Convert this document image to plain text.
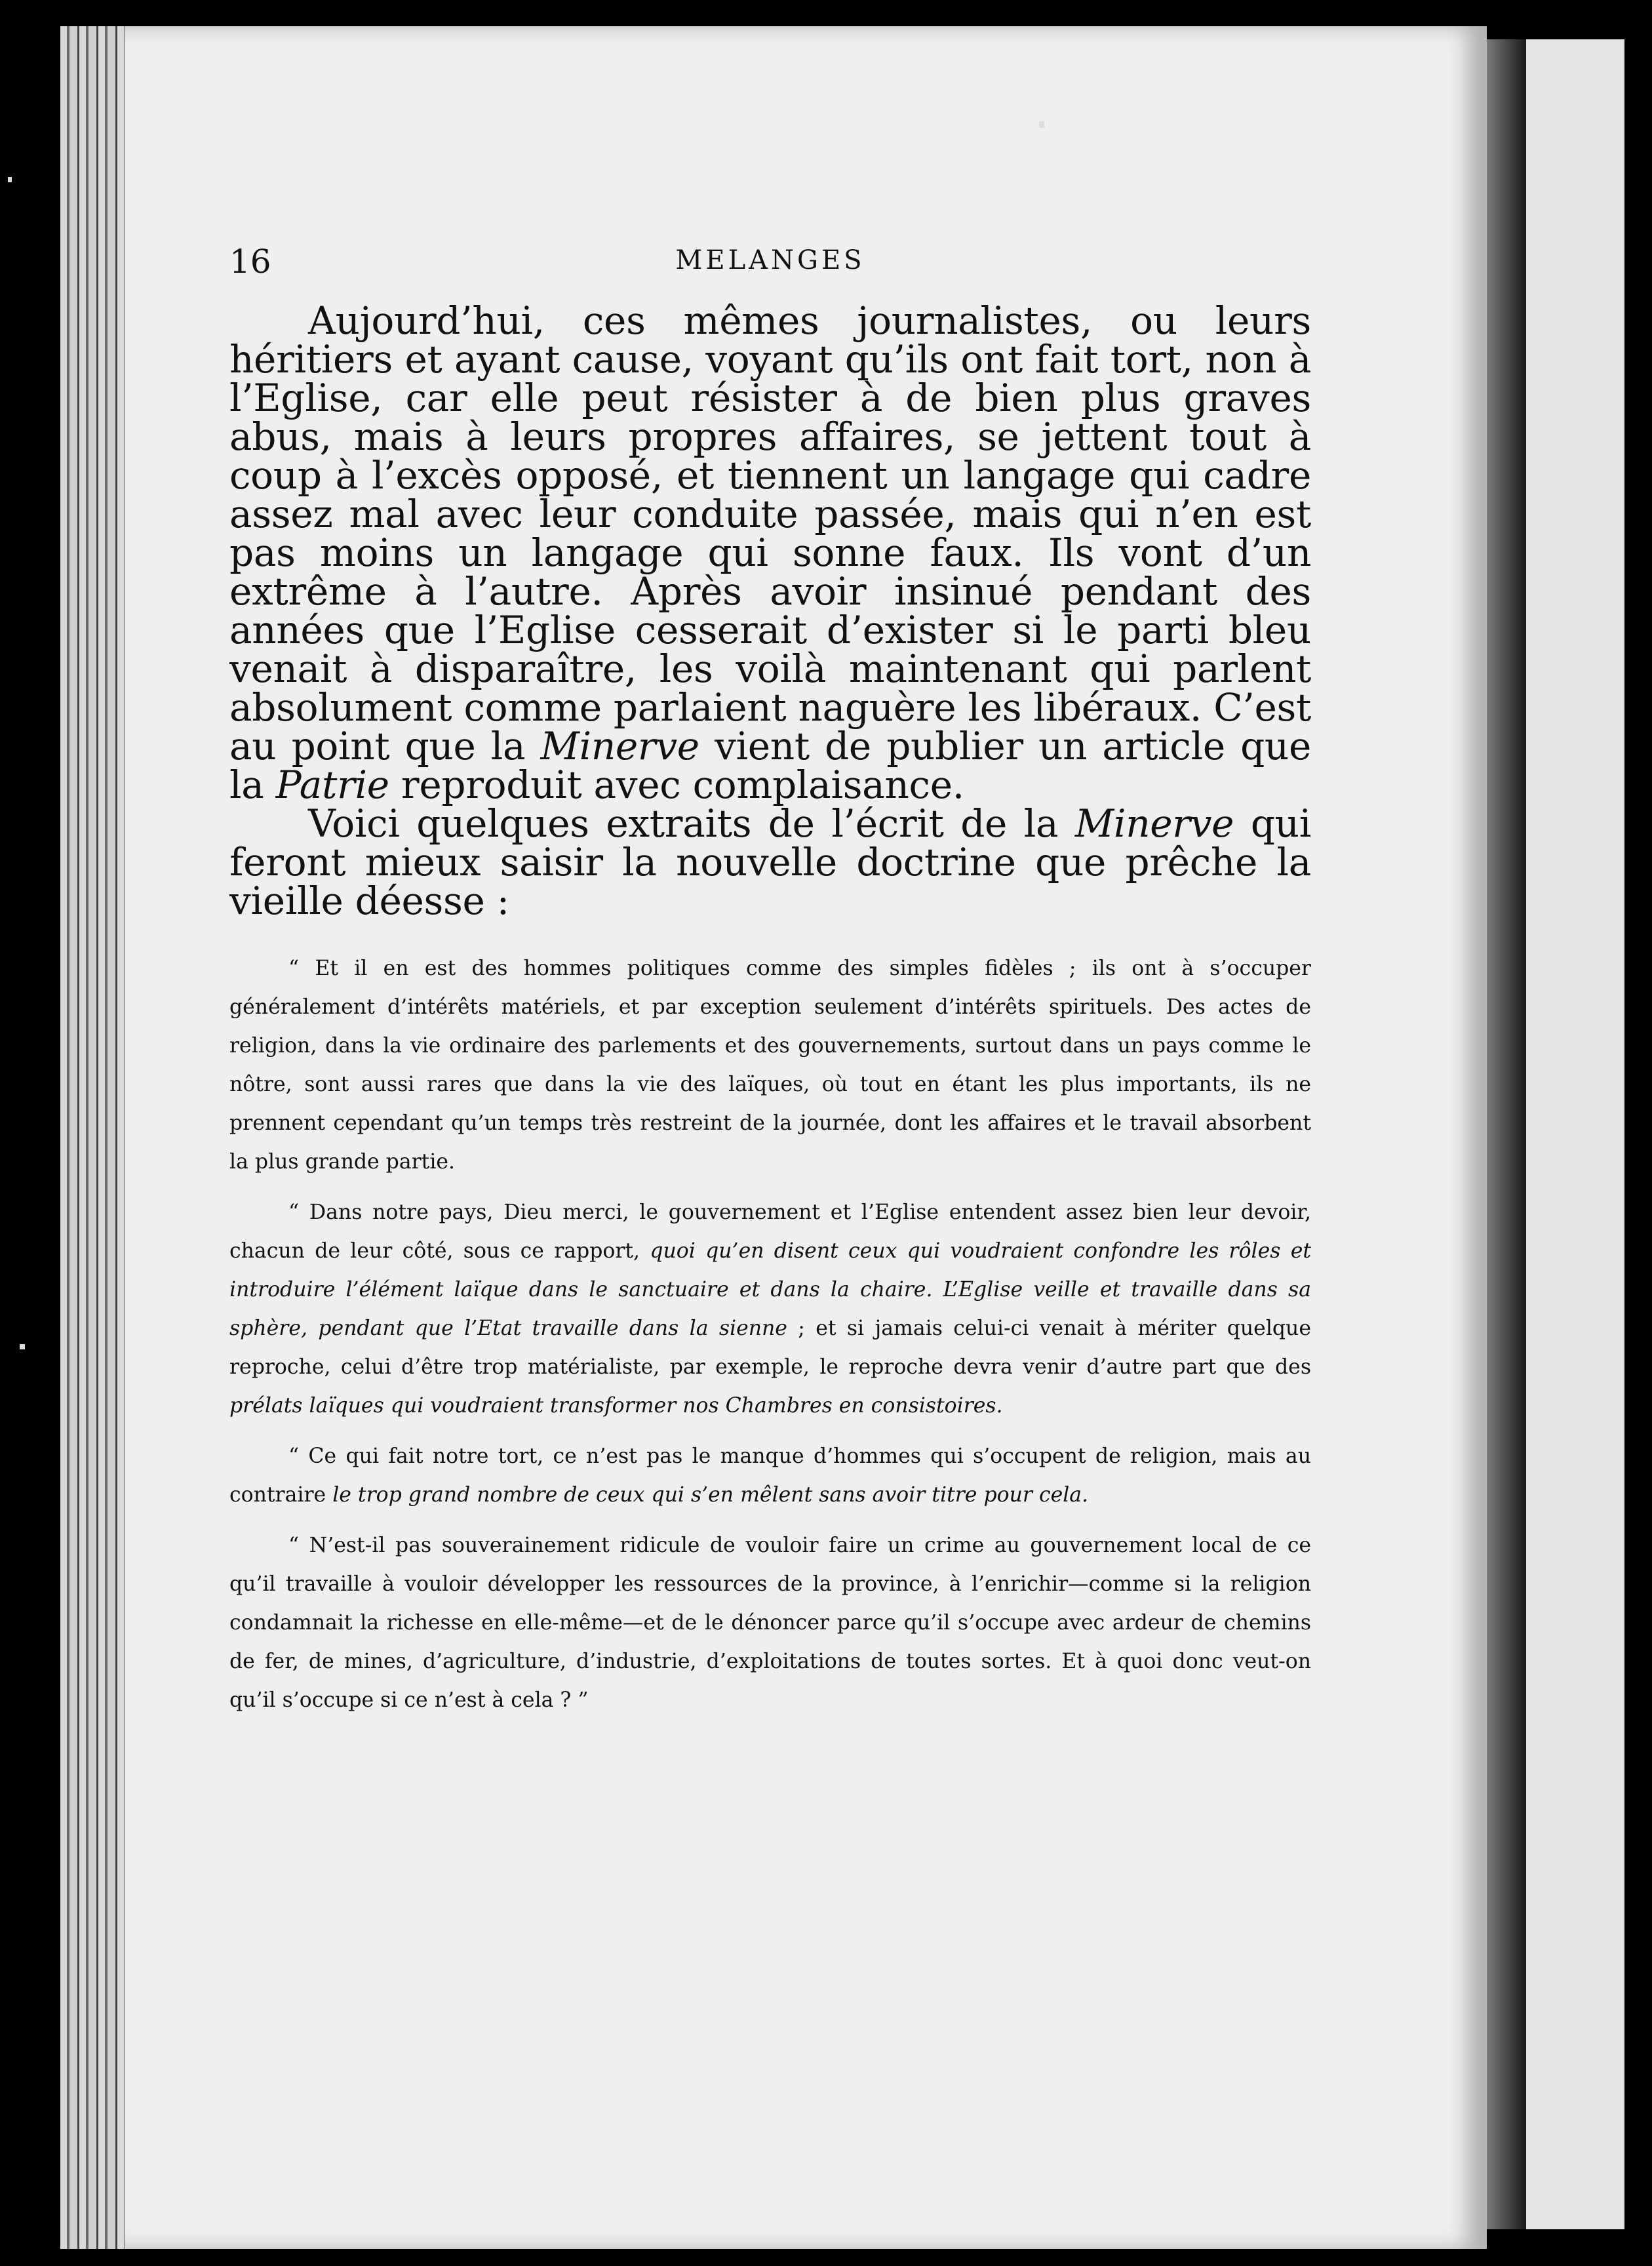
16	MELANGES

Aujourd’hui, ces mêmes journalistes, ou leurs héritiers et ayant cause, voyant qu’ils ont fait tort, non à l’Eglise, car elle peut résister à de bien plus graves abus, mais à leurs propres affaires, se jettent tout à coup à l’excès opposé, et tiennent un langage qui cadre assez mal avec leur conduite passée, mais qui n’en est pas moins un langage qui sonne faux. Ils vont d’un extrême à l’autre. Après avoir insinué pendant des années que l’Eglise cesserait d’exister si le parti bleu venait à disparaître, les voilà maintenant qui parlent absolument comme parlaient naguère les libéraux. C’est au point que la Minerve vient de publier un article que la Patrie reproduit avec complaisance.

Voici quelques extraits de l’écrit de la Minerve qui feront mieux saisir la nouvelle doctrine que prêche la vieille déesse :

“ Et il en est des hommes politiques comme des simples fidèles ; ils ont à s’occuper généralement d’intérêts matériels, et par exception seulement d’intérêts spirituels. Des actes de religion, dans la vie ordinaire des parlements et des gouvernements, surtout dans un pays comme le nôtre, sont aussi rares que dans la vie des laïques, où tout en étant les plus importants, ils ne prennent cependant qu’un temps très restreint de la journée, dont les affaires et le travail absorbent la plus grande partie.

“ Dans notre pays, Dieu merci, le gouvernement et l’Eglise entendent assez bien leur devoir, chacun de leur côté, sous ce rapport, quoi qu’en disent ceux qui voudraient confondre les rôles et introduire l’élément laïque dans le sanctuaire et dans la chaire. L’Eglise veille et travaille dans sa sphère, pendant que l’Etat travaille dans la sienne ; et si jamais celui-ci venait à mériter quelque reproche, celui d’être trop matérialiste, par exemple, le reproche devra venir d’autre part que des prélats laïques qui voudraient transformer nos Chambres en consistoires.

“ Ce qui fait notre tort, ce n’est pas le manque d’hommes qui s’occupent de religion, mais au contraire le trop grand nombre de ceux qui s’en mêlent sans avoir titre pour cela.

“ N’est-il pas souverainement ridicule de vouloir faire un crime au gouvernement local de ce qu’il travaille à vouloir développer les ressources de la province, à l’enrichir—comme si la religion condamnait la richesse en elle-même—et de le dénoncer parce qu’il s’occupe avec ardeur de chemins de fer, de mines, d’agriculture, d’industrie, d’exploitations de toutes sortes. Et à quoi donc veut-on qu’il s’occupe si ce n’est à cela ? ”
